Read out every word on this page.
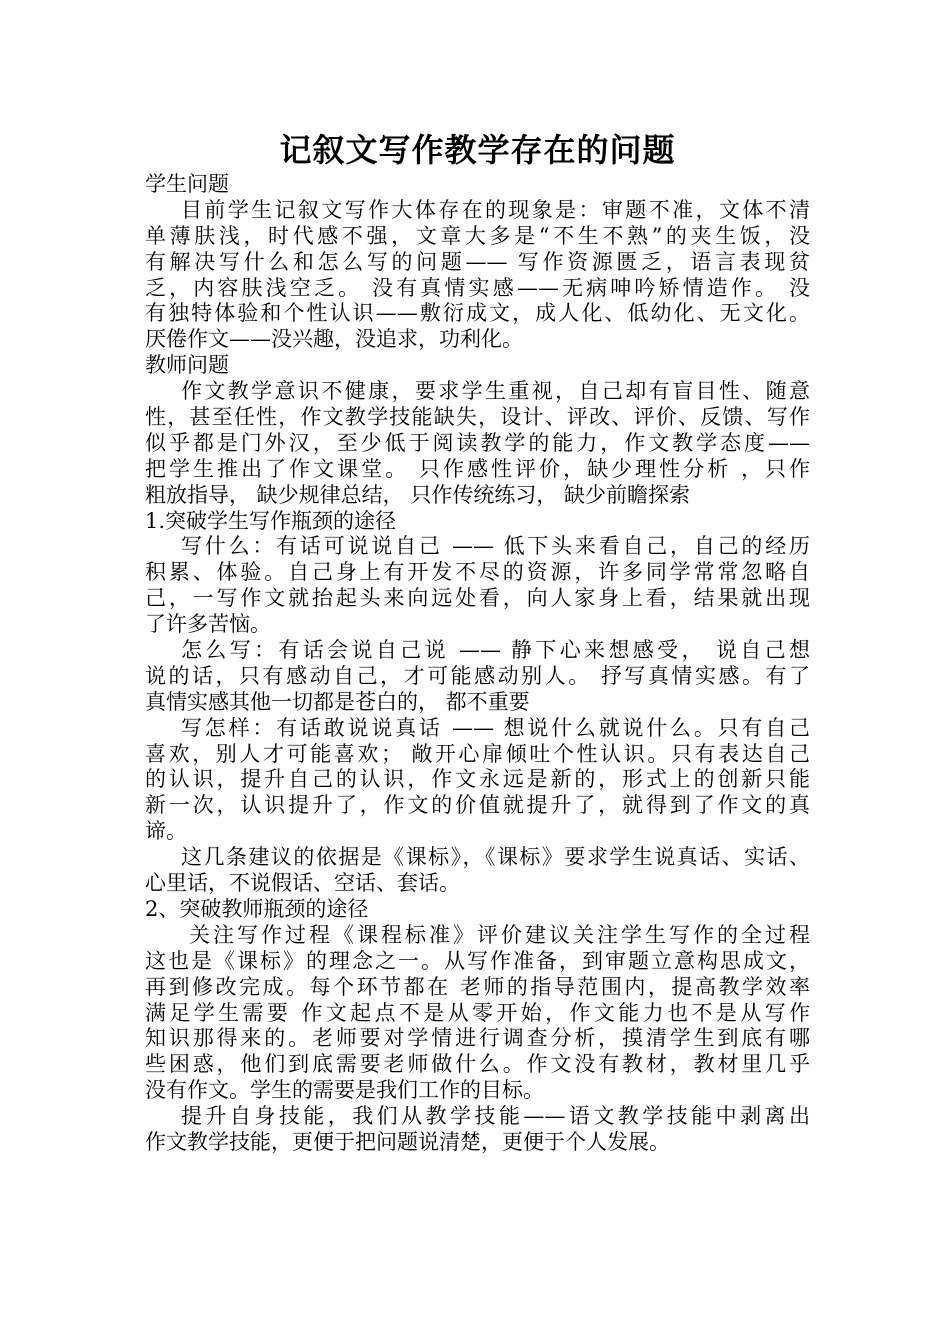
记叙文写作教学存在的问题
学生问题
目前学生记叙文写作大体存在的现象是：审题不准，文体不清
单薄肤浅，时代感不强，文章大多是“不生不熟”的夹生饭，没
有解决写什么和怎么写的问题—— 写作资源匮乏，语言表现贫
乏，内容肤浅空乏。 没有真情实感——无病呻吟矫情造作。 没
有独特体验和个性认识——敷衍成文，成人化、低幼化、无文化。
厌倦作文——没兴趣，没追求，功利化。
教师问题
作文教学意识不健康，要求学生重视，自己却有盲目性、随意
性，甚至任性，作文教学技能缺失，设计、评改、评价、反馈、写作
似乎都是门外汉，至少低于阅读教学的能力，作文教学态度——
把学生推出了作文课堂。 只作感性评价，缺少理性分析 ，只作
粗放指导， 缺少规律总结， 只作传统练习， 缺少前瞻探索
1.突破学生写作瓶颈的途径
写什么：有话可说说自己 —— 低下头来看自己，自己的经历
积累、体验。自己身上有开发不尽的资源，许多同学常常忽略自
己，一写作文就抬起头来向远处看，向人家身上看，结果就出现
了许多苦恼。
怎么写：有话会说自己说 —— 静下心来想感受， 说自己想
说的话，只有感动自己，才可能感动别人。 抒写真情实感。有了
真情实感其他一切都是苍白的， 都不重要
写怎样：有话敢说说真话 —— 想说什么就说什么。只有自己
喜欢，别人才可能喜欢； 敞开心扉倾吐个性认识。只有表达自己
的认识，提升自己的认识，作文永远是新的，形式上的创新只能
新一次，认识提升了，作文的价值就提升了，就得到了作文的真
谛。
这几条建议的依据是《课标》，《课标》要求学生说真话、实话、
心里话，不说假话、空话、套话。
2、突破教师瓶颈的途径
关注写作过程《课程标准》评价建议关注学生写作的全过程
这也是《课标》的理念之一。从写作准备，到审题立意构思成文，
再到修改完成。每个环节都在 老师的指导范围内，提高教学效率
满足学生需要 作文起点不是从零开始，作文能力也不是从写作
知识那得来的。老师要对学情进行调查分析，摸清学生到底有哪
些困惑，他们到底需要老师做什么。作文没有教材，教材里几乎
没有作文。学生的需要是我们工作的目标。
提升自身技能，我们从教学技能——语文教学技能中剥离出
作文教学技能，更便于把问题说清楚，更便于个人发展。
